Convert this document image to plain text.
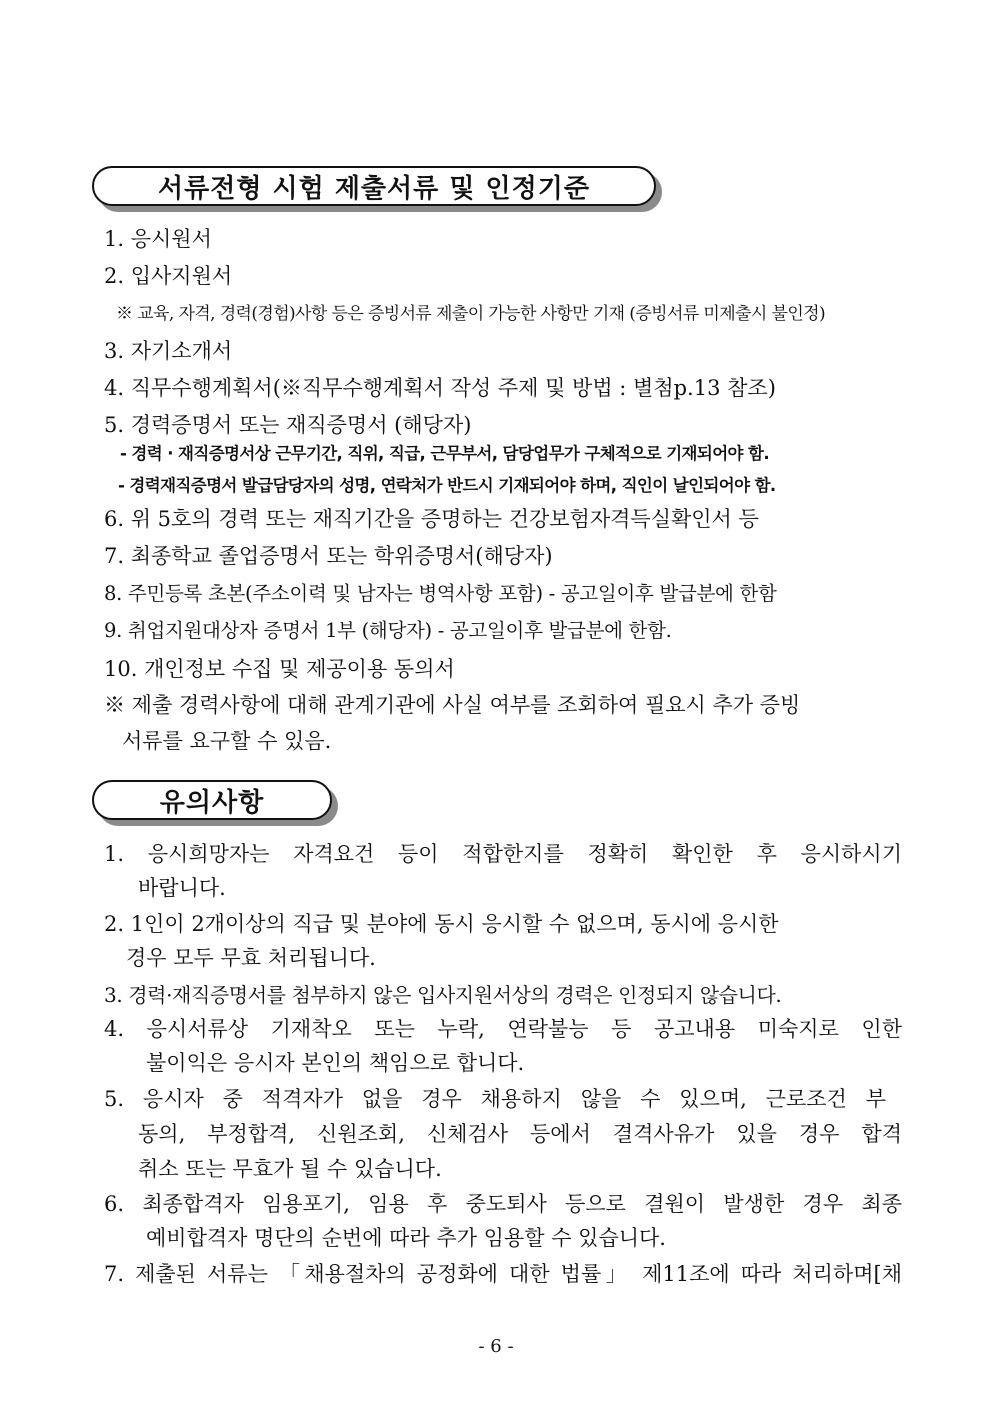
서류전형 시험 제출서류 및 인정기준
1. 응시원서
2. 입사지원서
※ 교육, 자격, 경력(경험)사항 등은 증빙서류 제출이 가능한 사항만 기재 (증빙서류 미제출시 불인정)
3. 자기소개서
4. 직무수행계획서(※직무수행계획서 작성 주제 및 방법 : 별첨p.13 참조)
5. 경력증명서 또는 재직증명서 (해당자)
- 경력 · 재직증명서상 근무기간, 직위, 직급, 근무부서, 담당업무가 구체적으로 기재되어야 함.
- 경력재직증명서 발급담당자의 성명, 연락처가 반드시 기재되어야 하며, 직인이 날인되어야 함.
6. 위 5호의 경력 또는 재직기간을 증명하는 건강보험자격득실확인서 등
7. 최종학교 졸업증명서 또는 학위증명서(해당자)
8. 주민등록 초본(주소이력 및 남자는 병역사항 포함) - 공고일이후 발급분에 한함
9. 취업지원대상자 증명서 1부 (해당자) - 공고일이후 발급분에 한함.
10. 개인정보 수집 및 제공이용 동의서
※ 제출 경력사항에 대해 관계기관에 사실 여부를 조회하여 필요시 추가 증빙
서류를 요구할 수 있음.
유의사항
1. 응시희망자는 자격요건 등이 적합한지를 정확히 확인한 후 응시하시기
바랍니다.
2. 1인이 2개이상의 직급 및 분야에 동시 응시할 수 없으며, 동시에 응시한
경우 모두 무효 처리됩니다.
3. 경력·재직증명서를 첨부하지 않은 입사지원서상의 경력은 인정되지 않습니다.
4. 응시서류상 기재착오 또는 누락, 연락불능 등 공고내용 미숙지로 인한
불이익은 응시자 본인의 책임으로 합니다.
5. 응시자 중 적격자가 없을 경우 채용하지 않을 수 있으며, 근로조건 부
동의, 부정합격, 신원조회, 신체검사 등에서 결격사유가 있을 경우 합격
취소 또는 무효가 될 수 있습니다.
6. 최종합격자 임용포기, 임용 후 중도퇴사 등으로 결원이 발생한 경우 최종
예비합격자 명단의 순번에 따라 추가 임용할 수 있습니다.
7. 제출된 서류는 「채용절차의 공정화에 대한 법률」 제11조에 따라 처리하며[채
- 6 -
